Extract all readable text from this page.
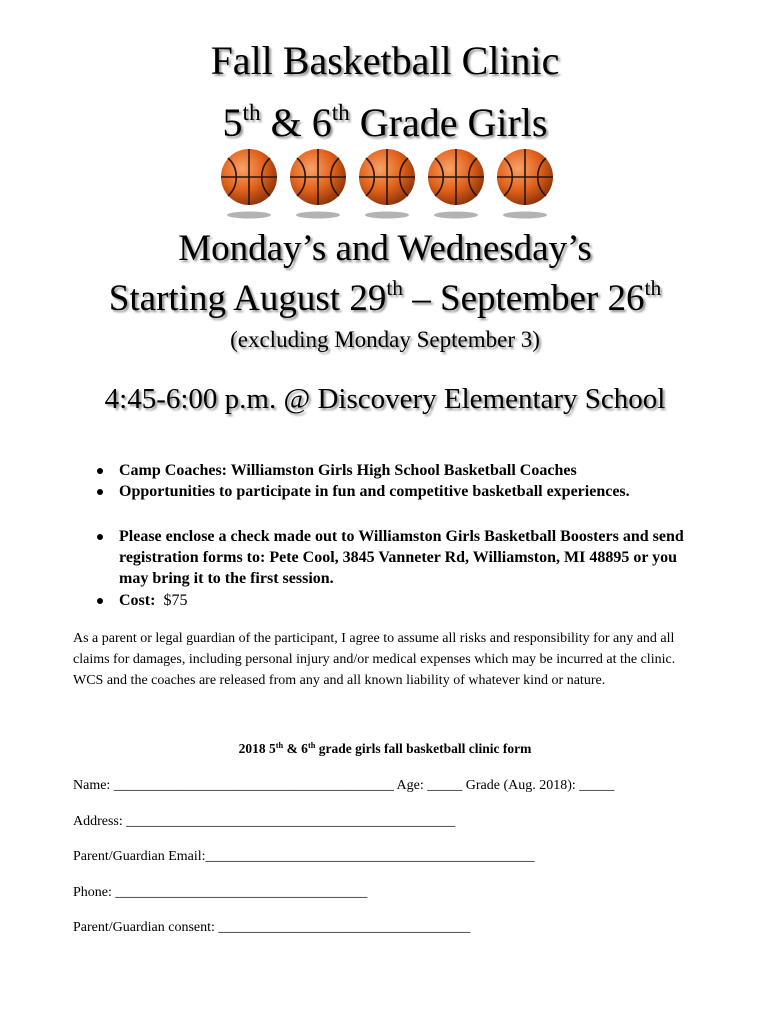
Fall Basketball Clinic
5th & 6th Grade Girls
Monday’s and Wednesday’s
Starting August 29th – September 26th
(excluding Monday September 3)
4:45-6:00 p.m. @ Discovery Elementary School
Camp Coaches: Williamston Girls High School Basketball Coaches
Opportunities to participate in fun and competitive basketball experiences.
Please enclose a check made out to Williamston Girls Basketball Boosters and send registration forms to: Pete Cool, 3845 Vanneter Rd, Williamston, MI 48895 or you may bring it to the first session.
Cost:  $75
As a parent or legal guardian of the participant, I agree to assume all risks and responsibility for any and all claims for damages, including personal injury and/or medical expenses which may be incurred at the clinic. WCS and the coaches are released from any and all known liability of whatever kind or nature.
2018 5th & 6th grade girls fall basketball clinic form
Name: ________________________________________ Age: _____ Grade (Aug. 2018): _____
Address: _______________________________________________
Parent/Guardian Email:_______________________________________________
Phone: ____________________________________
Parent/Guardian consent: ____________________________________
